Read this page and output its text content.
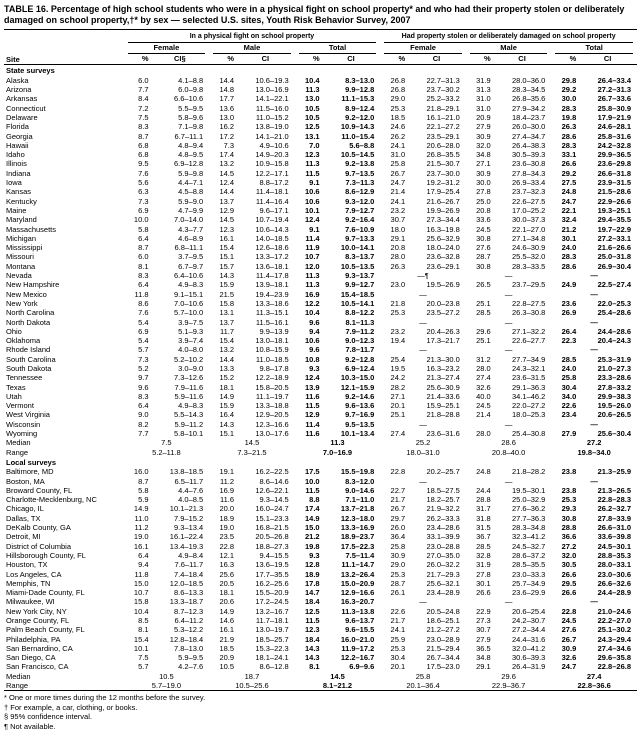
TABLE 16. Percentage of high school students who were in a physical fight on school property* and who had their property stolen or deliberately damaged on school property,†* by sex — selected U.S. sites, Youth Risk Behavior Survey, 2007
Site	In a physical fight on school property						Had property stolen or deliberately damaged on school property					

	Female		Male		Total		Female		Male		Total	

	%	CI§	%	CI	%	CI	%	CI	%	CI	%	CI
State surveys												
Alaska	6.0	4.1–8.8	14.4	10.6–19.3	10.4	8.3–13.0	26.8	22.7–31.3	31.9	28.0–36.0	29.8	26.4–33.4
Arizona	7.7	6.0–9.8	14.8	13.0–16.9	11.3	9.9–12.8	26.8	23.7–30.2	31.3	28.3–34.5	29.2	27.2–31.3
Arkansas	8.4	6.6–10.6	17.7	14.1–22.1	13.0	11.1–15.3	29.0	25.2–33.2	31.0	26.8–35.6	30.0	26.7–33.6
Connecticut	7.2	5.5–9.5	13.6	11.5–16.0	10.5	8.9–12.4	25.3	21.8–29.1	31.0	27.9–34.2	28.3	25.8–30.9
Delaware	7.5	5.8–9.6	13.0	11.0–15.2	10.5	9.2–12.0	18.5	16.1–21.0	20.9	18.4–23.7	19.8	17.9–21.9
Florida	8.3	7.1–9.8	16.2	13.8–19.0	12.5	10.9–14.3	24.6	22.1–27.2	27.9	26.0–30.0	26.3	24.6–28.1
Georgia	8.7	6.7–11.1	17.2	14.1–21.0	13.1	11.0–15.4	26.2	23.5–29.1	30.9	27.4–34.7	28.6	25.8–31.6
Hawaii	6.8	4.8–9.4	7.3	4.9–10.6	7.0	5.6–8.8	24.1	20.6–28.0	32.0	26.4–38.3	28.3	24.2–32.8
Idaho	6.8	4.8–9.5	17.4	14.9–20.3	12.3	10.5–14.5	31.0	26.8–35.5	34.8	30.5–39.3	33.1	29.9–36.5
Illinois	9.5	6.9–12.8	13.2	10.9–15.8	11.3	9.2–13.8	25.8	21.5–30.7	27.1	23.6–30.8	26.6	23.6–29.8
Indiana	7.6	5.9–9.8	14.5	12.2–17.1	11.5	9.7–13.5	26.7	23.7–30.0	30.9	27.8–34.3	29.2	26.6–31.8
Iowa	5.6	4.4–7.1	12.4	8.8–17.2	9.1	7.3–11.3	24.7	19.2–31.2	30.0	26.9–33.4	27.5	23.9–31.5
Kansas	6.3	4.5–8.8	14.4	11.4–18.1	10.6	8.6–12.9	21.4	17.9–25.4	27.8	23.7–32.3	24.8	21.5–28.6
Kentucky	7.3	5.9–9.0	13.7	11.4–16.4	10.6	9.3–12.0	24.1	21.6–26.7	25.0	22.6–27.5	24.7	22.9–26.6
Maine	6.9	4.7–9.9	12.9	9.6–17.1	10.1	7.9–12.7	23.2	19.9–26.9	20.8	17.0–25.2	22.1	19.3–25.1
Maryland	10.0	7.0–14.0	14.5	10.7–19.4	12.4	9.2–16.4	30.7	27.3–34.4	33.6	30.0–37.3	32.4	29.4–35.5
Massachusetts	5.8	4.3–7.7	12.3	10.6–14.3	9.1	7.6–10.9	18.0	16.3–19.8	24.5	22.1–27.0	21.2	19.7–22.9
Michigan	6.4	4.6–8.9	16.1	14.0–18.5	11.4	9.7–13.3	29.1	25.6–32.9	30.8	27.1–34.8	30.1	27.2–33.1
Mississippi	8.7	6.8–11.1	15.4	12.6–18.6	11.9	10.0–14.1	20.8	18.0–24.0	27.6	24.6–30.9	24.0	21.6–26.6
Missouri	6.0	3.7–9.5	15.1	13.3–17.2	10.7	8.3–13.7	28.0	23.6–32.8	28.7	25.5–32.0	28.3	25.0–31.8
Montana	8.1	6.7–9.7	15.7	13.6–18.1	12.0	10.5–13.5	26.3	23.6–29.1	30.8	28.3–33.5	28.6	26.9–30.4
Nevada	8.3	6.4–10.6	14.3	11.4–17.8	11.3	9.3–13.7	—¶		—		—	
New Hampshire	6.4	4.9–8.3	15.9	13.9–18.1	11.3	9.9–12.7	23.0	19.5–26.9	26.5	23.7–29.5	24.9	22.5–27.4
New Mexico	11.8	9.1–15.1	21.5	19.4–23.9	16.9	15.4–18.5	—		—		—	
New York	8.6	7.0–10.6	15.8	13.3–18.6	12.2	10.5–14.1	21.8	20.0–23.8	25.1	22.8–27.5	23.6	22.0–25.3
North Carolina	7.6	5.7–10.0	13.1	11.3–15.1	10.4	8.8–12.2	25.3	23.5–27.2	28.5	26.3–30.8	26.9	25.4–28.6
North Dakota	5.4	3.9–7.5	13.7	11.5–16.1	9.6	8.1–11.3	—		—		—	
Ohio	6.9	5.1–9.3	11.7	9.9–13.9	9.4	7.9–11.2	23.2	20.4–26.3	29.6	27.1–32.2	26.4	24.4–28.6
Oklahoma	5.4	3.9–7.4	15.4	13.0–18.1	10.6	9.0–12.3	19.4	17.3–21.7	25.1	22.6–27.7	22.3	20.4–24.3
Rhode Island	5.7	4.0–8.0	13.2	10.8–15.9	9.6	7.8–11.7	—		—		—	
South Carolina	7.3	5.2–10.2	14.4	11.0–18.5	10.8	9.2–12.8	25.4	21.3–30.0	31.2	27.7–34.9	28.5	25.3–31.9
South Dakota	5.2	3.0–9.0	13.3	9.8–17.8	9.3	6.9–12.4	19.5	16.3–23.2	28.0	24.3–32.1	24.0	21.0–27.3
Tennessee	9.7	7.3–12.6	15.2	12.2–18.9	12.4	10.3–15.0	24.2	21.3–27.4	27.4	23.6–31.5	25.8	23.3–28.6
Texas	9.6	7.9–11.6	18.1	15.8–20.5	13.9	12.1–15.9	28.2	25.6–30.9	32.6	29.1–36.3	30.4	27.8–33.2
Utah	8.3	5.9–11.6	14.9	11.1–19.7	11.6	9.2–14.6	27.1	21.4–33.6	40.0	34.1–46.2	34.0	29.9–38.3
Vermont	6.4	4.9–8.3	15.9	13.3–18.8	11.5	9.6–13.6	20.1	15.9–25.1	24.5	22.0–27.2	22.6	19.5–26.0
West Virginia	9.0	5.5–14.3	16.4	12.9–20.5	12.9	9.7–16.9	25.1	21.8–28.8	21.4	18.0–25.3	23.4	20.6–26.5
Wisconsin	8.2	5.9–11.2	14.3	12.3–16.6	11.4	9.5–13.5	—		—		—	
Wyoming	7.7	5.8–10.1	15.1	13.0–17.6	11.6	10.1–13.4	27.4	23.6–31.6	28.0	25.4–30.8	27.9	25.6–30.4
Median	7.5		14.5		11.3		25.2		28.6		27.2	
Range	5.2–11.8		7.3–21.5		7.0–16.9		18.0–31.0		20.8–40.0		19.8–34.0	
Local surveys												
Baltimore, MD	16.0	13.8–18.5	19.1	16.2–22.5	17.5	15.5–19.8	22.8	20.2–25.7	24.8	21.8–28.2	23.8	21.3–25.9
Boston, MA	8.7	6.5–11.7	11.2	8.6–14.6	10.0	8.3–12.0	—		—		—	
Broward County, FL	5.8	4.4–7.6	16.9	12.6–22.1	11.5	9.0–14.6	22.7	18.5–27.5	24.4	19.5–30.1	23.8	21.3–26.5
Charlotte-Mecklenburg, NC	5.9	4.0–8.5	11.6	9.3–14.5	8.8	7.1–11.0	21.7	18.2–25.7	28.8	25.0–32.9	25.3	22.8–28.3
Chicago, IL	14.9	10.1–21.3	20.0	16.0–24.7	17.4	13.7–21.8	26.7	21.9–32.2	31.7	27.6–36.2	29.3	26.2–32.7
Dallas, TX	11.0	7.9–15.2	18.9	15.1–23.3	14.9	12.3–18.0	29.7	26.2–33.3	31.8	27.7–36.3	30.8	27.8–33.9
DeKalb County, GA	11.2	9.3–13.4	19.0	16.8–21.5	15.0	13.3–16.9	26.0	23.4–28.6	31.5	28.3–34.8	28.8	26.6–31.0
Detroit, MI	19.0	16.1–22.4	23.5	20.5–26.8	21.2	18.9–23.7	36.4	33.1–39.9	36.7	32.3–41.2	36.6	33.6–39.8
District of Columbia	16.1	13.4–19.3	22.8	18.8–27.3	19.8	17.5–22.3	25.8	23.0–28.8	28.5	24.5–32.7	27.2	24.5–30.1
Hillsborough County, FL	6.4	4.9–8.4	12.1	9.4–15.5	9.3	7.5–11.4	30.9	27.0–35.0	32.8	28.6–37.2	32.0	28.8–35.3
Houston, TX	9.4	7.6–11.7	16.3	13.6–19.5	12.8	11.1–14.7	29.0	26.0–32.2	31.9	28.5–35.5	30.5	28.0–33.1
Los Angeles, CA	11.8	7.4–18.4	25.6	17.7–35.5	18.9	13.2–26.4	25.3	21.7–29.3	27.8	23.0–33.3	26.6	23.0–30.6
Memphis, TN	15.0	12.0–18.5	20.5	16.2–25.6	17.8	15.0–20.9	28.7	25.6–32.1	30.1	25.7–34.9	29.5	26.6–32.6
Miami-Dade County, FL	10.7	8.6–13.3	18.1	15.5–20.9	14.7	12.9–16.6	26.1	23.4–28.9	26.6	23.6–29.9	26.6	24.4–28.9
Milwaukee, WI	15.8	13.3–18.7	20.6	17.2–24.5	18.4	16.3–20.7	—		—		—	
New York City, NY	10.4	8.7–12.3	14.9	13.2–16.7	12.5	11.3–13.8	22.6	20.5–24.8	22.9	20.6–25.4	22.8	21.0–24.6
Orange County, FL	8.5	6.4–11.2	14.6	11.7–18.1	11.5	9.6–13.7	21.7	18.6–25.1	27.3	24.2–30.7	24.5	22.2–27.0
Palm Beach County, FL	8.1	5.3–12.2	16.1	13.0–19.7	12.3	9.6–15.5	24.1	21.2–27.2	30.7	27.2–34.4	27.6	25.1–30.2
Philadelphia, PA	15.4	12.8–18.4	21.9	18.5–25.7	18.4	16.0–21.0	25.9	23.0–28.9	27.9	24.4–31.6	26.7	24.3–29.4
San Bernardino, CA	10.1	7.8–13.0	18.5	15.3–22.3	14.3	11.9–17.2	25.3	21.5–29.4	36.5	32.0–41.2	30.9	27.4–34.6
San Diego, CA	7.5	5.9–9.5	20.9	18.1–24.1	14.3	12.2–16.7	30.4	26.7–34.4	34.8	30.6–39.3	32.6	29.6–35.8
San Francisco, CA	5.7	4.2–7.6	10.5	8.6–12.8	8.1	6.9–9.6	20.1	17.5–23.0	29.1	26.4–31.9	24.7	22.8–26.8
Median	10.5		18.7		14.5		25.8		29.6		27.4	
Range	5.7–19.0		10.5–25.6		8.1–21.2		20.1–36.4		22.9–36.7		22.8–36.6	
* One or more times during the 12 months before the survey.
† For example, a car, clothing, or books.
§ 95% confidence interval.
¶ Not available.
